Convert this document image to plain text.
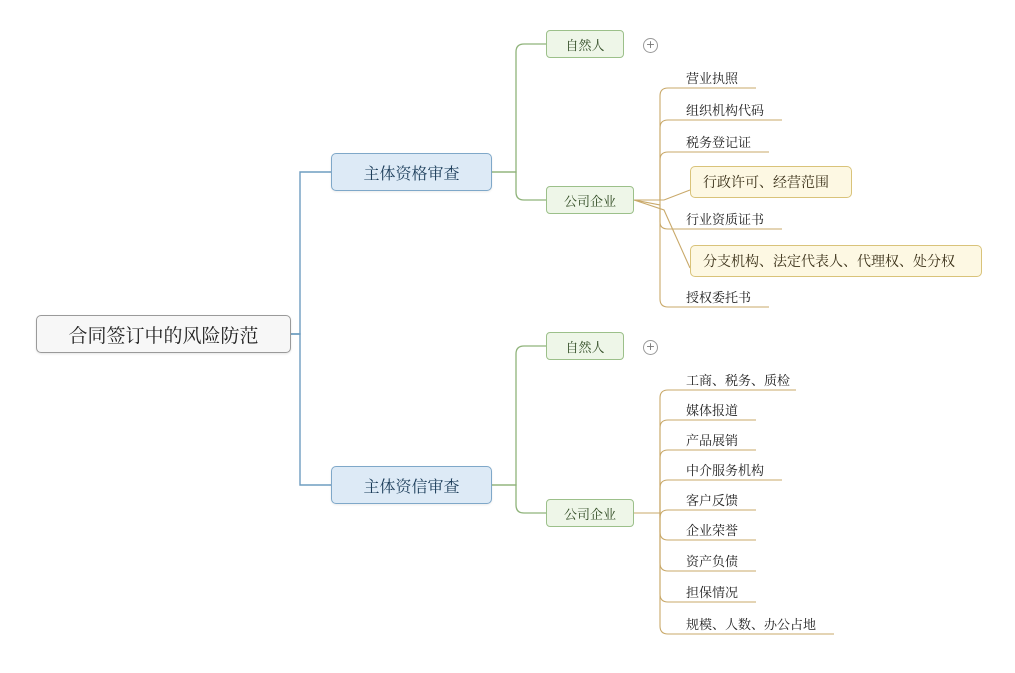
合同签订中的风险防范
主体资格审查
主体资信审查
自然人	+
公司企业
自然人	+
公司企业
营业执照
组织机构代码
税务登记证
行政许可、经营范围
行业资质证书
分支机构、法定代表人、代理权、处分权
授权委托书
工商、税务、质检
媒体报道
产品展销
中介服务机构
客户反馈
企业荣誉
资产负债
担保情况
规模、人数、办公占地
